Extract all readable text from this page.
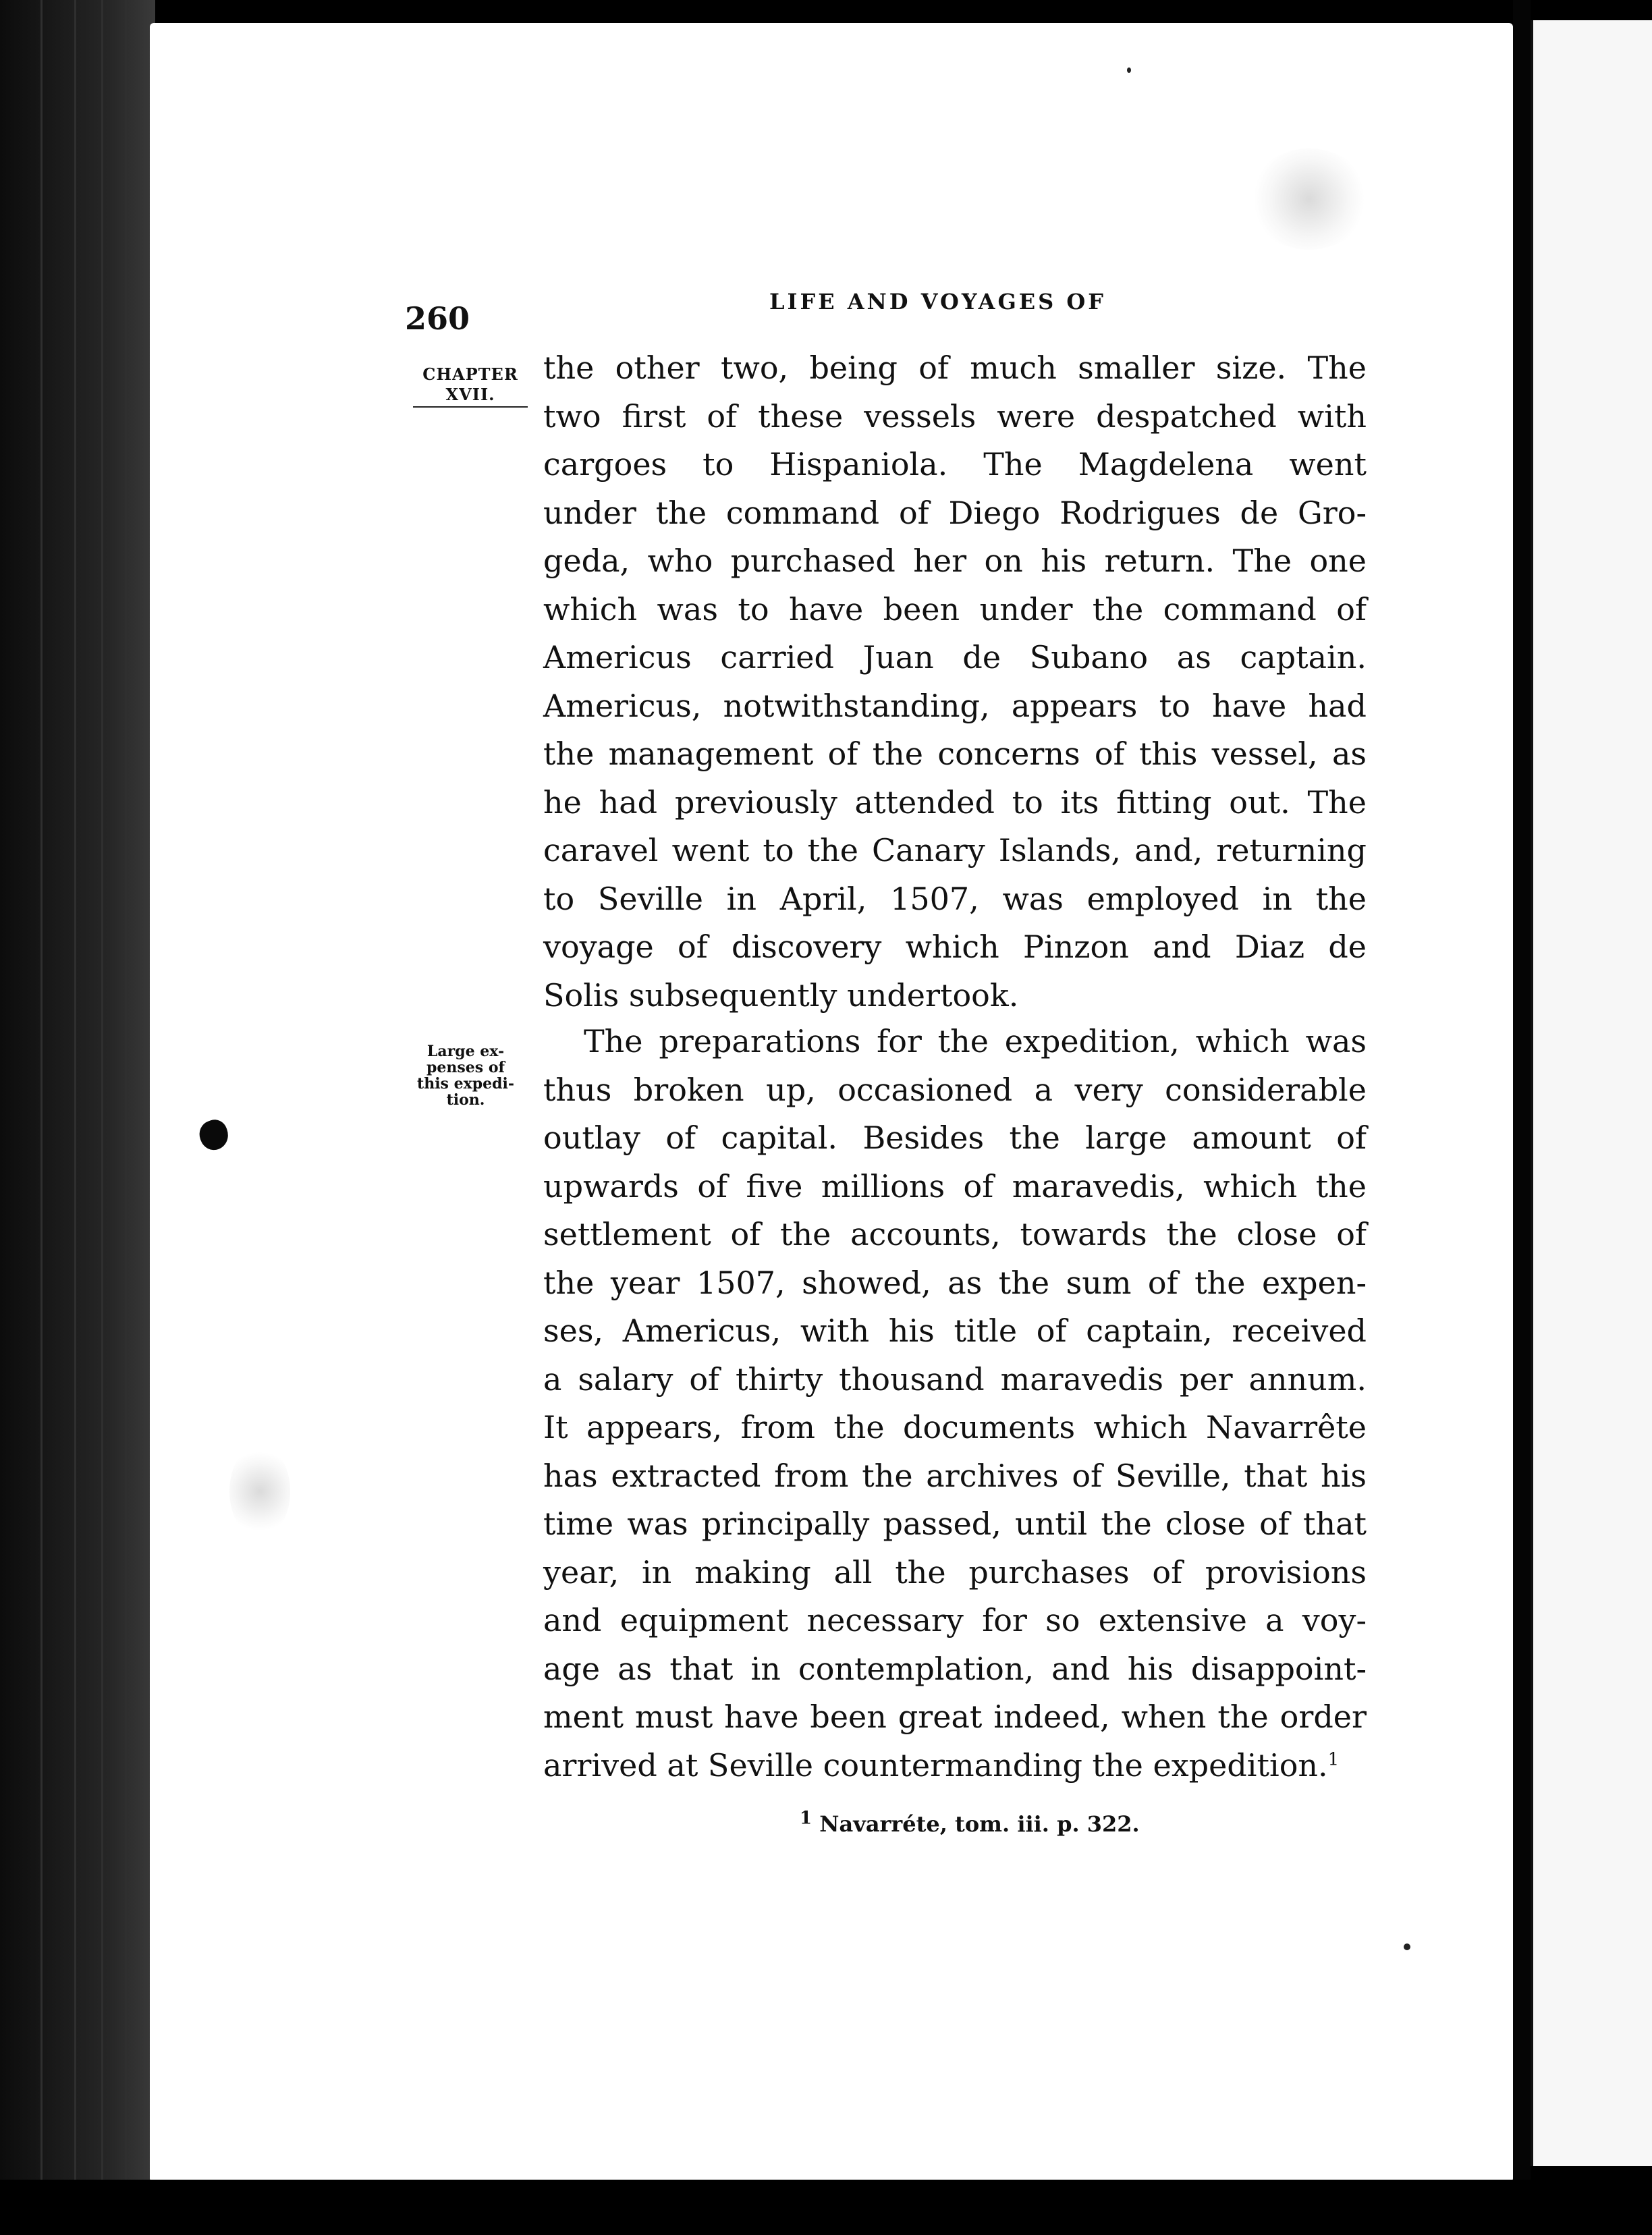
260	LIFE AND VOYAGES OF
CHAPTER
XVII.
Large ex-
penses of
this expedi-
tion.
the other two, being of much smaller size. The
two first of these vessels were despatched with
cargoes to Hispaniola. The Magdelena went
under the command of Diego Rodrigues de Gro-
geda, who purchased her on his return. The one
which was to have been under the command of
Americus carried Juan de Subano as captain.
Americus, notwithstanding, appears to have had
the management of the concerns of this vessel, as
he had previously attended to its fitting out. The
caravel went to the Canary Islands, and, returning
to Seville in April, 1507, was employed in the
voyage of discovery which Pinzon and Diaz de
Solis subsequently undertook.
The preparations for the expedition, which was
thus broken up, occasioned a very considerable
outlay of capital. Besides the large amount of
upwards of five millions of maravedis, which the
settlement of the accounts, towards the close of
the year 1507, showed, as the sum of the expen-
ses, Americus, with his title of captain, received
a salary of thirty thousand maravedis per annum.
It appears, from the documents which Navarrête
has extracted from the archives of Seville, that his
time was principally passed, until the close of that
year, in making all the purchases of provisions
and equipment necessary for so extensive a voy-
age as that in contemplation, and his disappoint-
ment must have been great indeed, when the order
arrived at Seville countermanding the expedition.$^1$
$^1$ Navarréte, tom. iii. p. 322.
